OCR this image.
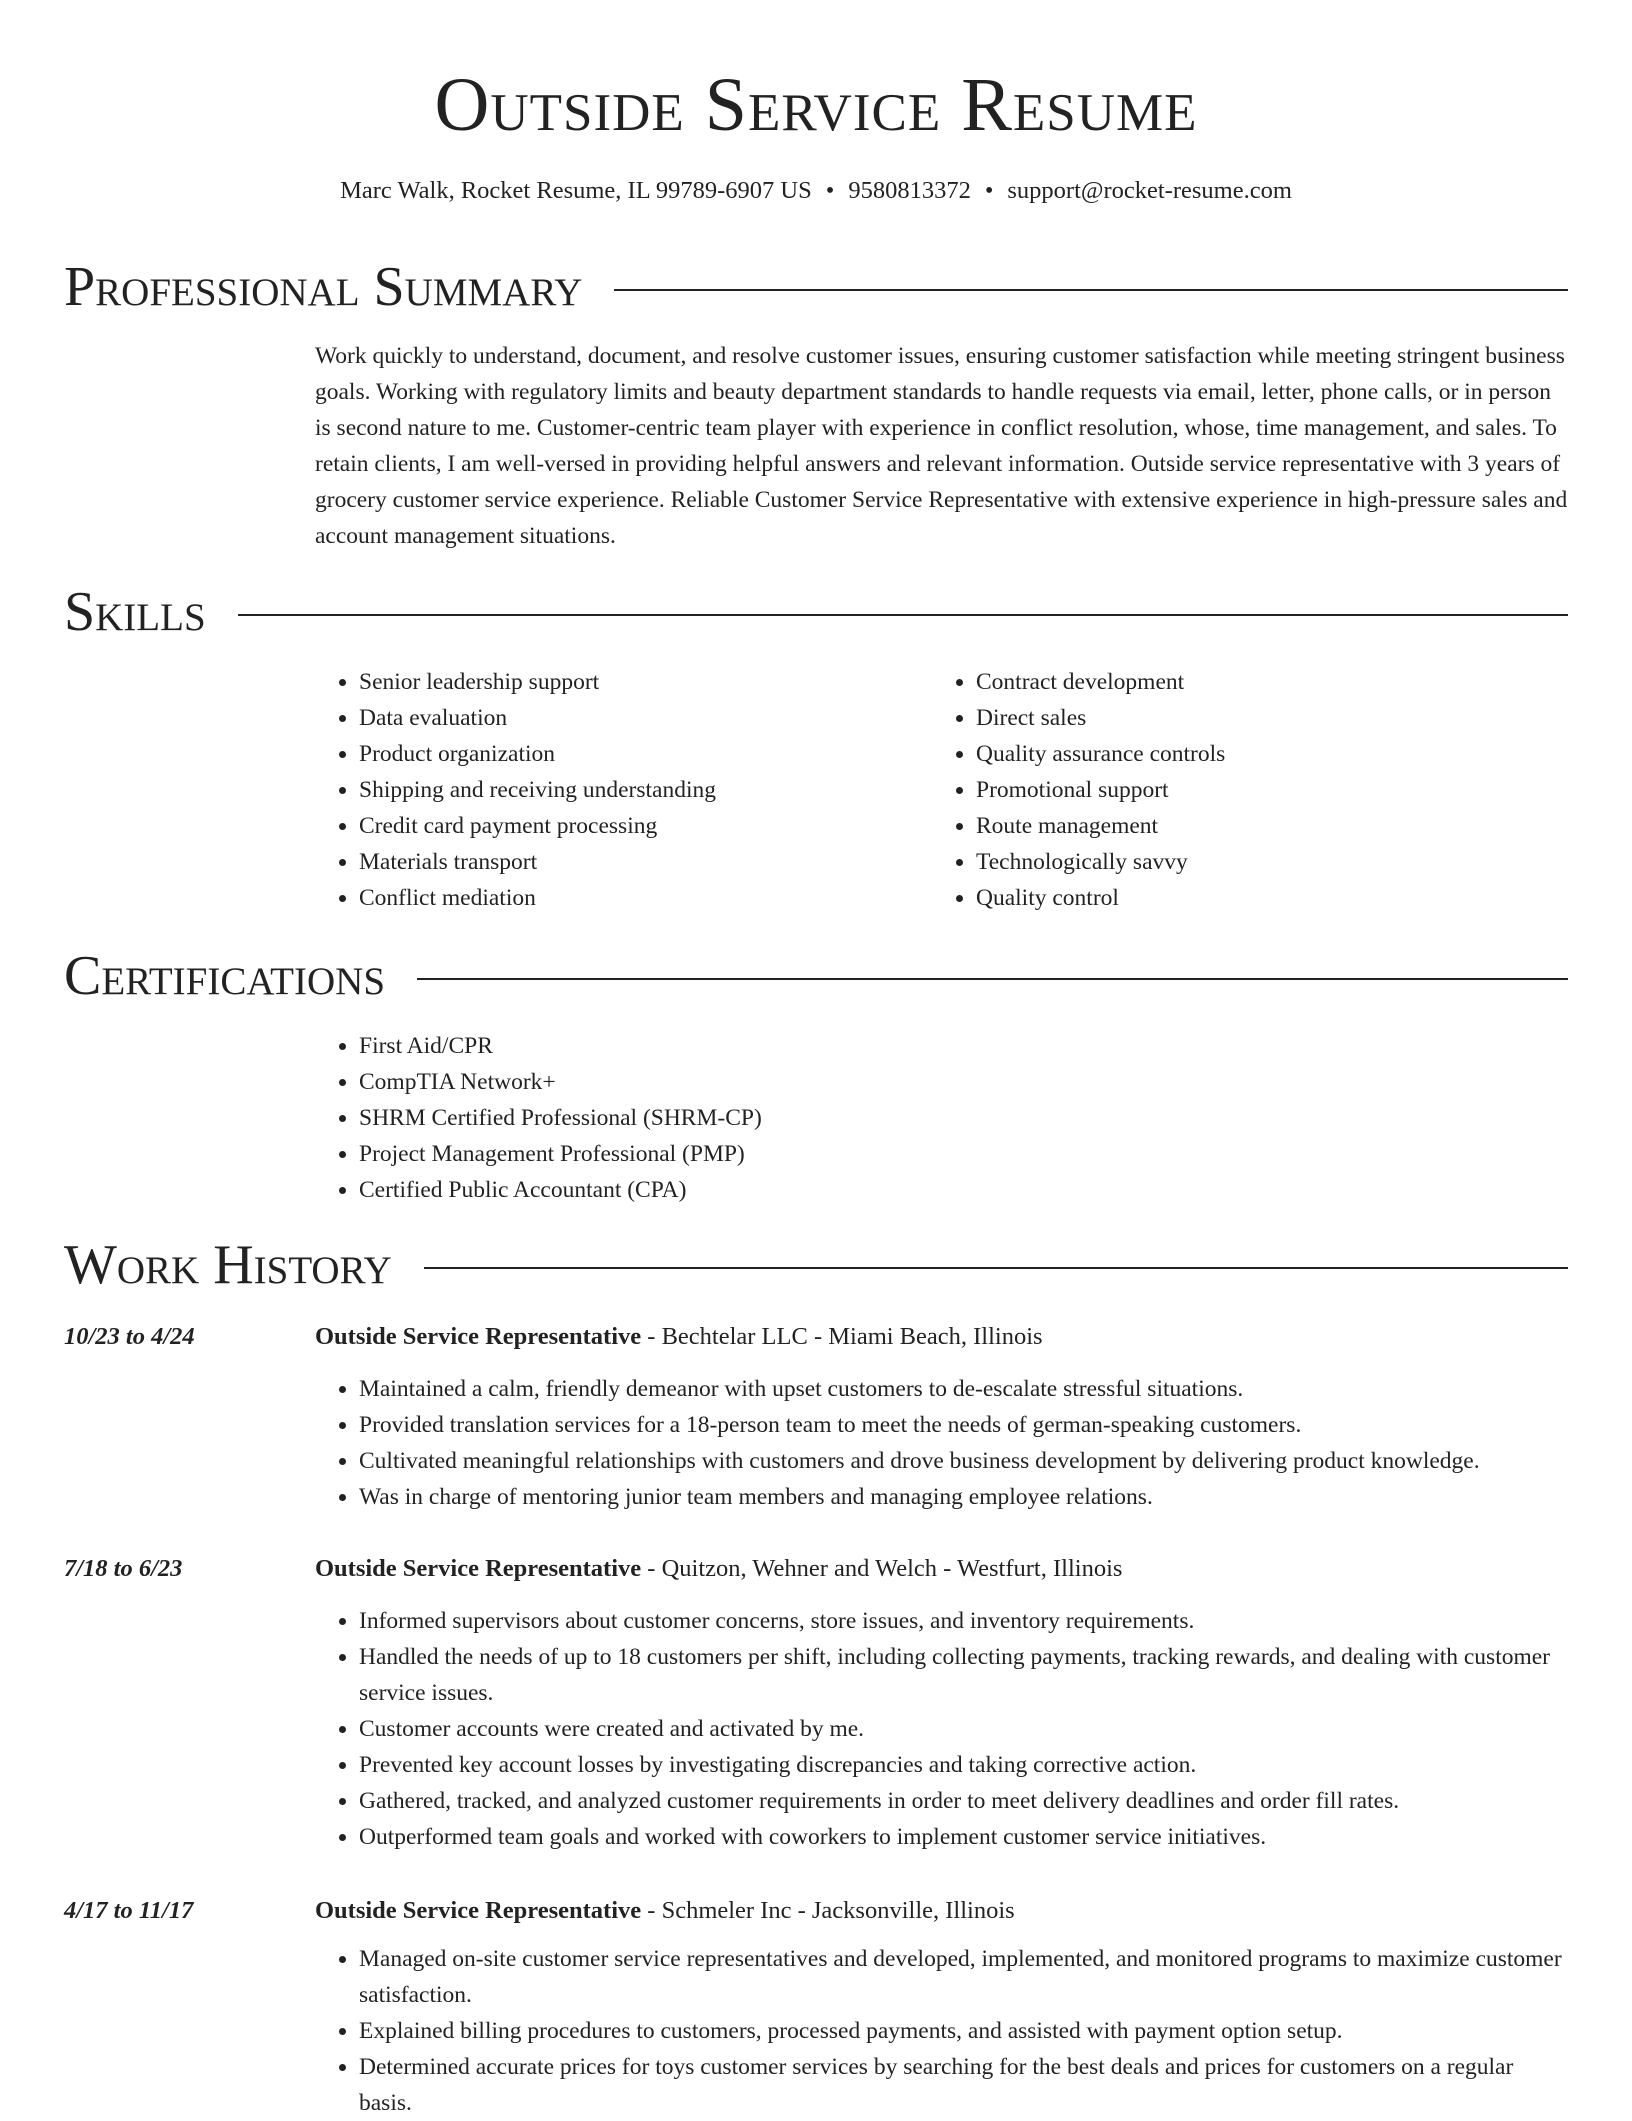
Outside Service Resume
Marc Walk, Rocket Resume, IL 99789-6907 US • 9580813372 • support@rocket-resume.com
Professional Summary

Work quickly to understand, document, and resolve customer issues, ensuring customer satisfaction while meeting stringent business goals. Working with regulatory limits and beauty department standards to handle requests via email, letter, phone calls, or in person is second nature to me. Customer-centric team player with experience in conflict resolution, whose, time management, and sales. To retain clients, I am well-versed in providing helpful answers and relevant information. Outside service representative with 3 years of grocery customer service experience. Reliable Customer Service Representative with extensive experience in high-pressure sales and account management situations.

Skills
• Senior leadership support
• Data evaluation
• Product organization
• Shipping and receiving understanding
• Credit card payment processing
• Materials transport
• Conflict mediation
• Contract development
• Direct sales
• Quality assurance controls
• Promotional support
• Route management
• Technologically savvy
• Quality control
Certifications
• First Aid/CPR
• CompTIA Network+
• SHRM Certified Professional (SHRM-CP)
• Project Management Professional (PMP)
• Certified Public Accountant (CPA)
Work History
10/23 to 4/24	Outside Service Representative - Bechtelar LLC - Miami Beach, Illinois
• Maintained a calm, friendly demeanor with upset customers to de-escalate stressful situations.
• Provided translation services for a 18-person team to meet the needs of german-speaking customers.
• Cultivated meaningful relationships with customers and drove business development by delivering product knowledge.
• Was in charge of mentoring junior team members and managing employee relations.
7/18 to 6/23	Outside Service Representative - Quitzon, Wehner and Welch - Westfurt, Illinois
• Informed supervisors about customer concerns, store issues, and inventory requirements.
• Handled the needs of up to 18 customers per shift, including collecting payments, tracking rewards, and dealing with customer service issues.
• Customer accounts were created and activated by me.
• Prevented key account losses by investigating discrepancies and taking corrective action.
• Gathered, tracked, and analyzed customer requirements in order to meet delivery deadlines and order fill rates.
• Outperformed team goals and worked with coworkers to implement customer service initiatives.
4/17 to 11/17	Outside Service Representative - Schmeler Inc - Jacksonville, Illinois
• Managed on-site customer service representatives and developed, implemented, and monitored programs to maximize customer satisfaction.
• Explained billing procedures to customers, processed payments, and assisted with payment option setup.
• Determined accurate prices for toys customer services by searching for the best deals and prices for customers on a regular basis.
